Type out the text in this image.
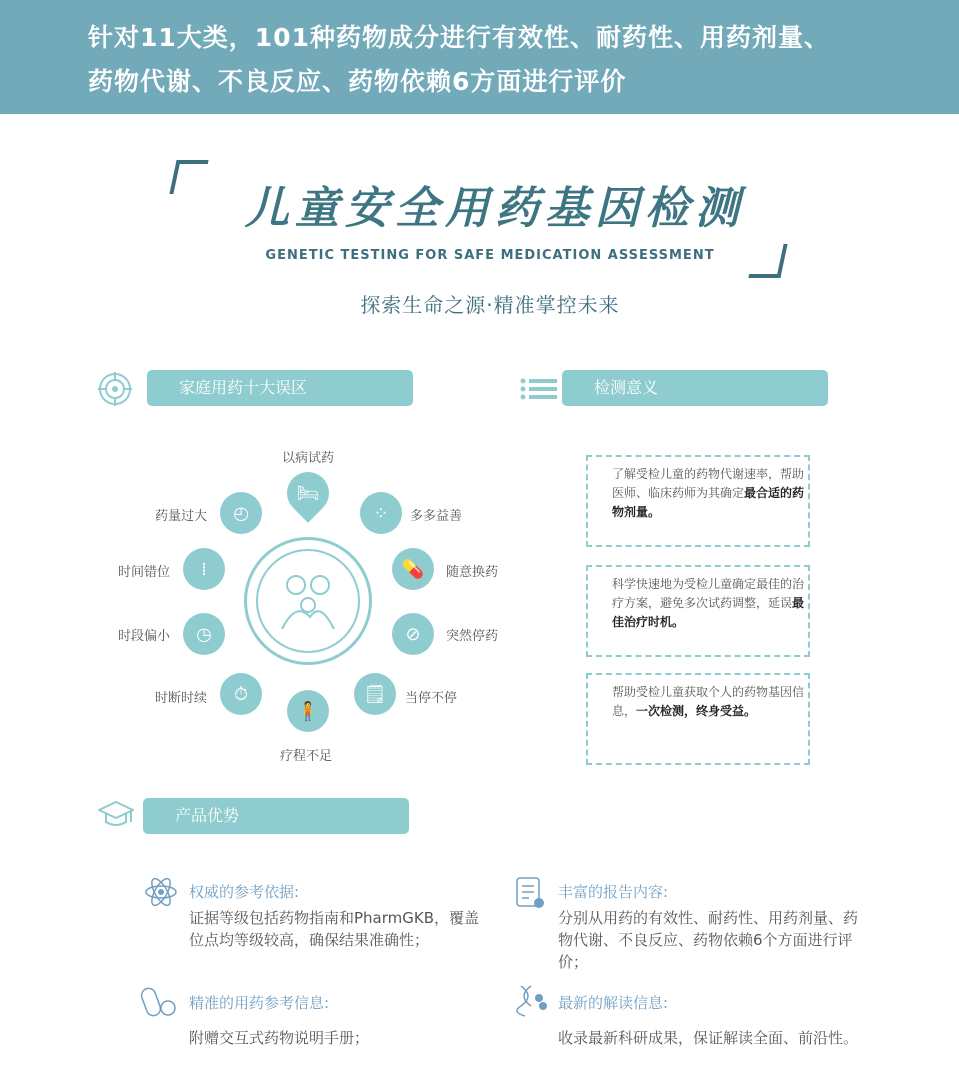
针对11大类，101种药物成分进行有效性、耐药性、用药剂量、
药物代谢、不良反应、药物依赖6方面进行评价
儿童安全用药基因检测
GENETIC TESTING FOR SAFE MEDICATION ASSESSMENT
探索生命之源·精准掌控未来
家庭用药十大误区	检测意义
🛏
以病试药
⁘	多多益善
💊	随意换药
⊘	突然停药
🗒	当停不停
🧍
疗程不足
⏱
时断时续
◷
时段偏小
⁞
时间错位
◴
药量过大
了解受检儿童的药物代谢速率，帮助医师、临床药师为其确定最合适的药物剂量。
科学快速地为受检儿童确定最佳的治疗方案，避免多次试药调整，延误最佳治疗时机。
帮助受检儿童获取个人的药物基因信息，一次检测，终身受益。
产品优势
权威的参考依据:
证据等级包括药物指南和PharmGKB，覆盖位点均等级较高，确保结果准确性；
丰富的报告内容:
分别从用药的有效性、耐药性、用药剂量、药物代谢、不良反应、药物依赖6个方面进行评价；
精准的用药参考信息:
附赠交互式药物说明手册；
最新的解读信息:
收录最新科研成果，保证解读全面、前沿性。
